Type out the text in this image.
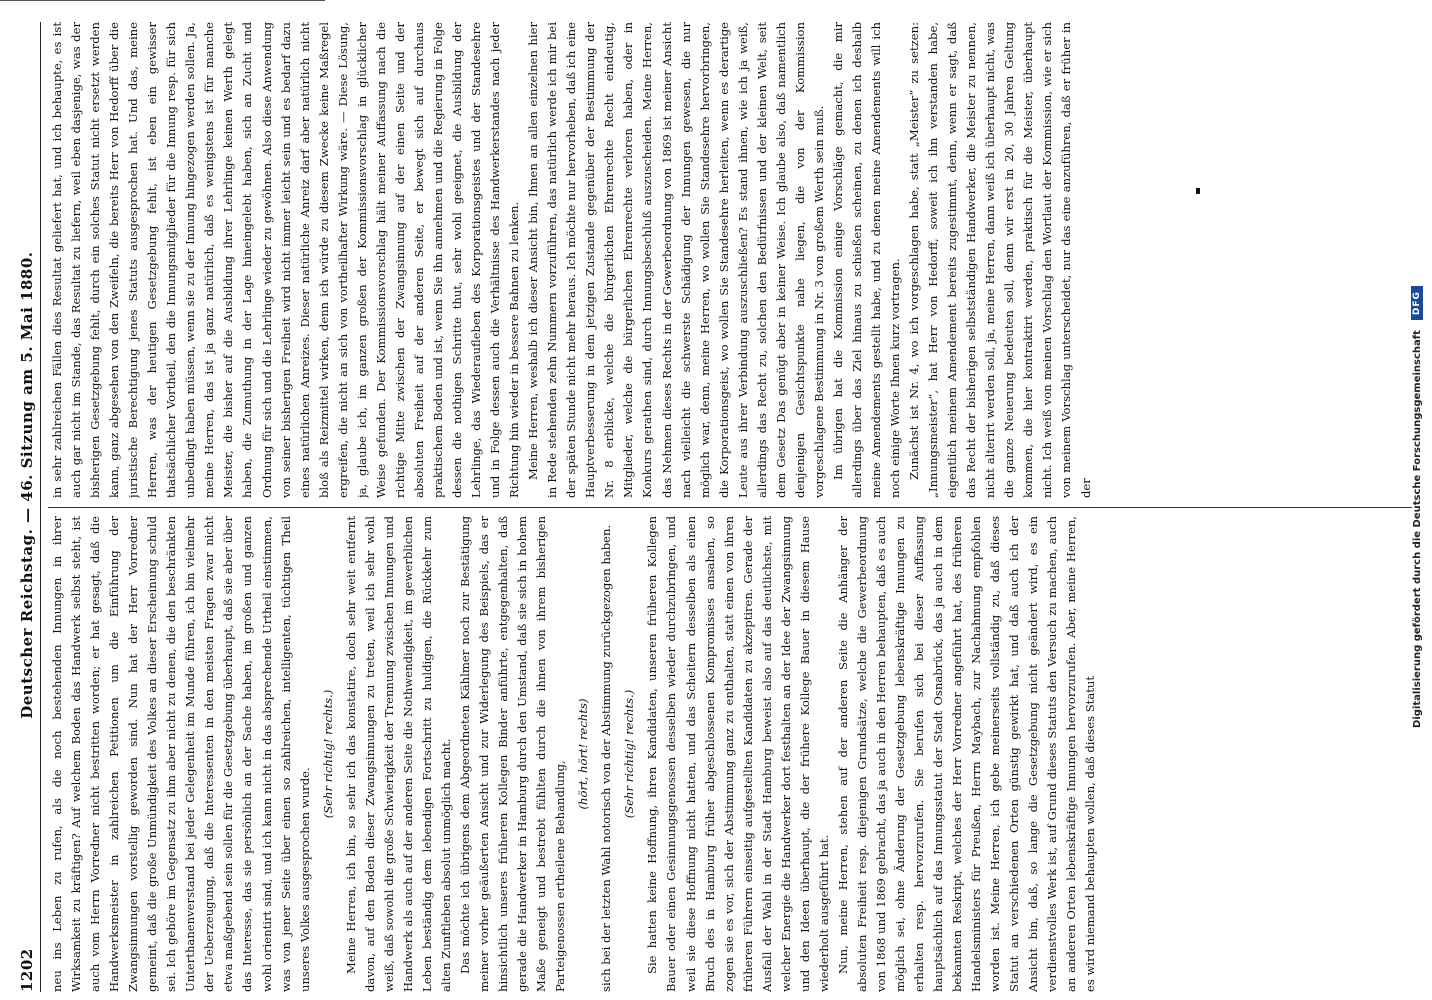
1202
Deutscher Reichstag. — 46. Sitzung am 5. Mai 1880.

neu ins Leben zu rufen, als die noch bestehenden Innungen in ihrer Wirksamkeit zu kräftigen? Auf welchem Boden das Handwerk selbst steht, ist auch vom Herrn Vorredner nicht bestritten worden; er hat gesagt, daß die Handwerksmeister in zahlreichen Petitionen um die Einführung der Zwangsinnungen vorstellig geworden sind. Nun hat der Herr Vorredner gemeint, daß die große Unmündigkeit des Volkes an dieser Erscheinung schuld sei. Ich gehöre im Gegensatz zu ihm aber nicht zu denen, die den beschränkten Unterthanenverstand bei jeder Gelegenheit im Munde führen, ich bin vielmehr der Ueberzeugung, daß die Interessenten in den meisten Fragen zwar nicht etwa maßgebend sein sollen für die Gesetzgebung überhaupt, daß sie aber über das Interesse, das sie persönlich an der Sache haben, im großen und ganzen wohl orientirt sind, und ich kann nicht in das absprechende Urtheil einstimmen, was von jener Seite über einen so zahlreichen, intelligenten, tüchtigen Theil unseres Volkes ausgesprochen wurde.

(Sehr richtig! rechts.) Meine Herren, ich bin, so sehr ich das konstatire, doch sehr weit entfernt davon, auf den Boden dieser Zwangsinnungen zu treten, weil ich sehr wohl weiß, daß sowohl die große Schwierigkeit der Trennung zwischen Innungen und Handwerk als auch auf der anderen Seite die Nothwendigkeit, im gewerblichen Leben beständig dem lebendigen Fortschritt zu huldigen, die Rückkehr zum alten Zunftleben absolut unmöglich macht. Das möchte ich übrigens dem Abgeordneten Kählmer noch zur Bestätigung meiner vorher geäußerten Ansicht und zur Widerlegung des Beispiels, das er hinsichtlich unseres früheren Kollegen Binder anführte, entgegenhalten, daß gerade die Handwerker in Hamburg durch den Umstand, daß sie sich in hohem Maße geneigt und bestrebt fühlten durch die ihnen von ihrem bisherigen Parteigenossen ertheilene Behandlung,

(hört, hört! rechts) sich bei der letzten Wahl notorisch von der Abstimmung zurückgezogen haben. (Sehr richtig! rechts.) Sie hatten keine Hoffnung, ihren Kandidaten, unseren früheren Kollegen Bauer oder einen Gesinnungsgenossen desselben wieder durchzubringen, und weil sie diese Hoffnung nicht hatten, und das Scheitern desselben als einen Bruch des in Hamburg früher abgeschlossenen Kompromisses ansahen, so zogen sie es vor, sich der Abstimmung ganz zu enthalten, statt einen von ihren früheren Führern einseitig aufgestellten Kandidaten zu akzeptiren. Gerade der Ausfall der Wahl in der Stadt Hamburg beweist also auf das deutlichste, mit welcher Energie die Handwerker dort festhalten an der Idee der Zwangsinnung und den Ideen überhaupt, die der frühere Kollege Bauer in diesem Hause wiederholt ausgeführt hat. Nun, meine Herren, stehen auf der anderen Seite die Anhänger der absoluten Freiheit resp. diejenigen Grundsätze, welche die Gewerbeordnung von 1868 und 1869 gebracht, das ja auch in den Herren behaupten, daß es auch möglich sei, ohne Änderung der Gesetzgebung lebenskräftige Innungen zu erhalten resp. hervorzurufen. Sie berufen sich bei dieser Auffassung hauptsächlich auf das Innungsstatut der Stadt Osnabrück, das ja auch in dem bekannten Reskript, welches der Herr Vorredner angeführt hat, des früheren Handelsministers für Preußen, Herrn Maybach, zur Nachahmung empfohlen worden ist. Meine Herren, ich gebe meinerseits vollständig zu, daß dieses Statut an verschiedenen Orten günstig gewirkt hat, und daß auch ich der Ansicht bin, daß, so lange die Gesetzgebung nicht geändert wird, es ein verdienstvolles Werk ist, auf Grund dieses Statuts den Versuch zu machen, auch an anderen Orten lebenskräftige Innungen hervorzurufen. Aber, meine Herren, es wird niemand behaupten wollen, daß dieses Statut

in sehr zahlreichen Fällen dies Resultat geliefert hat, und ich behaupte, es ist auch gar nicht im Stande, das Resultat zu liefern, weil eben dasjenige, was der bisherigen Gesetzgebung fehlt, durch ein solches Statut nicht ersetzt werden kann, ganz abgesehen von den Zweifeln, die bereits Herr von Hedorff über die juristische Berechtigung jenes Statuts ausgesprochen hat. Und das, meine Herren, was der heutigen Gesetzgebung fehlt, ist eben ein gewisser thatsächlicher Vortheil, den die Innungsmitglieder für die Innung resp. für sich unbedingt haben müssen, wenn sie zu der Innung hingezogen werden sollen. Ja, meine Herren, das ist ja ganz natürlich, daß es wenigstens ist für manche Meister, die bisher auf die Ausbildung ihrer Lehrlinge keinen Werth gelegt haben, die Zumuthung in der Lage hineingelebt haben, sich an Zucht und Ordnung für sich und die Lehrlinge wieder zu gewöhnen. Also diese Anwendung von seiner bisherigen Freiheit wird nicht immer leicht sein und es bedarf dazu eines natürlichen Anreizes. Dieser natürliche Anreiz darf aber natürlich nicht bloß als Reizmittel wirken, denn ich würde zu diesem Zwecke keine Maßregel ergreifen, die nicht an sich von vortheilhafter Wirkung wäre. — Diese Lösung, ja, glaube ich, im ganzen großen der Kommissionsvorschlag in glücklicher Weise gefunden. Der Kommissionsvorschlag hält meiner Auffassung nach die richtige Mitte zwischen der Zwangsinnung auf der einen Seite und der absoluten Freiheit auf der anderen Seite, er bewegt sich auf durchaus praktischem Boden und ist, wenn Sie ihn annehmen und die Regierung in Folge dessen die nothigen Schritte thut, sehr wohl geeignet, die Ausbildung der Lehrlinge, das Wiederaufleben des Korporationsgeistes und der Standesehre und in Folge dessen auch die Verhältnisse des Handwerkerstandes nach jeder Richtung hin wieder in bessere Bahnen zu lenken. Meine Herren, weshalb ich dieser Ansicht bin, Ihnen an allen einzelnen hier in Rede stehenden zehn Nummern vorzuführen, das natürlich werde ich mir bei der späten Stunde nicht mehr heraus. Ich möchte nur hervorheben, daß ich eine Hauptverbesserung in dem jetzigen Zustande gegenüber der Bestimmung der Nr. 8 erblicke, welche die bürgerlichen Ehrenrechte Recht eindeutig, Mitglieder, welche die bürgerlichen Ehrenrechte verloren haben, oder in Konkurs gerathen sind, durch Innungsbeschluß auszuscheiden. Meine Herren, das Nehmen dieses Rechts in der Gewerbeordnung von 1869 ist meiner Ansicht nach vielleicht die schwerste Schädigung der Innungen gewesen, die nur möglich war, denn, meine Herren, wo wollen Sie Standesehre hervorbringen, die Korporationsgeist, wo wollen Sie Standesehre herleiten, wenn es derartige Leute aus ihrer Verbindung auszuschließen? Es stand ihnen, wie ich ja weiß, allerdings das Recht zu, solchen den Bedürfnissen und der kleinen Welt, seit dem Gesetz Das genügt aber in keiner Weise. Ich glaube also, daß namentlich denjenigen Gesichtspunkte nahe liegen, die von der Kommission vorgeschlagene Bestimmung in Nr. 3 von großem Werth sein muß. Im übrigen hat die Kommission einige Vorschläge gemacht, die mir allerdings über das Ziel hinaus zu schießen scheinen, zu denen ich deshalb meine Amendements gestellt habe, und zu denen meine Amendements will ich noch einige Worte Ihnen kurz vortragen. Zunächst ist Nr. 4, wo ich vorgeschlagen habe, statt „Meister“ zu setzen: „Innungsmeister“, hat Herr von Hedorff, soweit ich ihn verstanden habe, eigentlich meinem Amendement bereits zugestimmt, denn, wenn er sagt, daß das Recht der bisherigen selbstständigen Handwerker, die Meister zu nennen, nicht alterirt werden soll, ja, meine Herren, dann weiß ich überhaupt nicht, was die ganze Neuerung bedeuten soll, denn wir erst in 20, 30 Jahren Geltung kommen, die hier kontraktirt werden, praktisch für die Meister, überhaupt nicht. Ich weiß von meinen Vorschlag den Wortlaut der Kommission, wie er sich von meinem Vorschlag unterscheidet, nur das eine anzuführen, daß er früher in der	Digitalisierung gefördert durch die Deutsche Forschungsgemeinschaft
DFG
